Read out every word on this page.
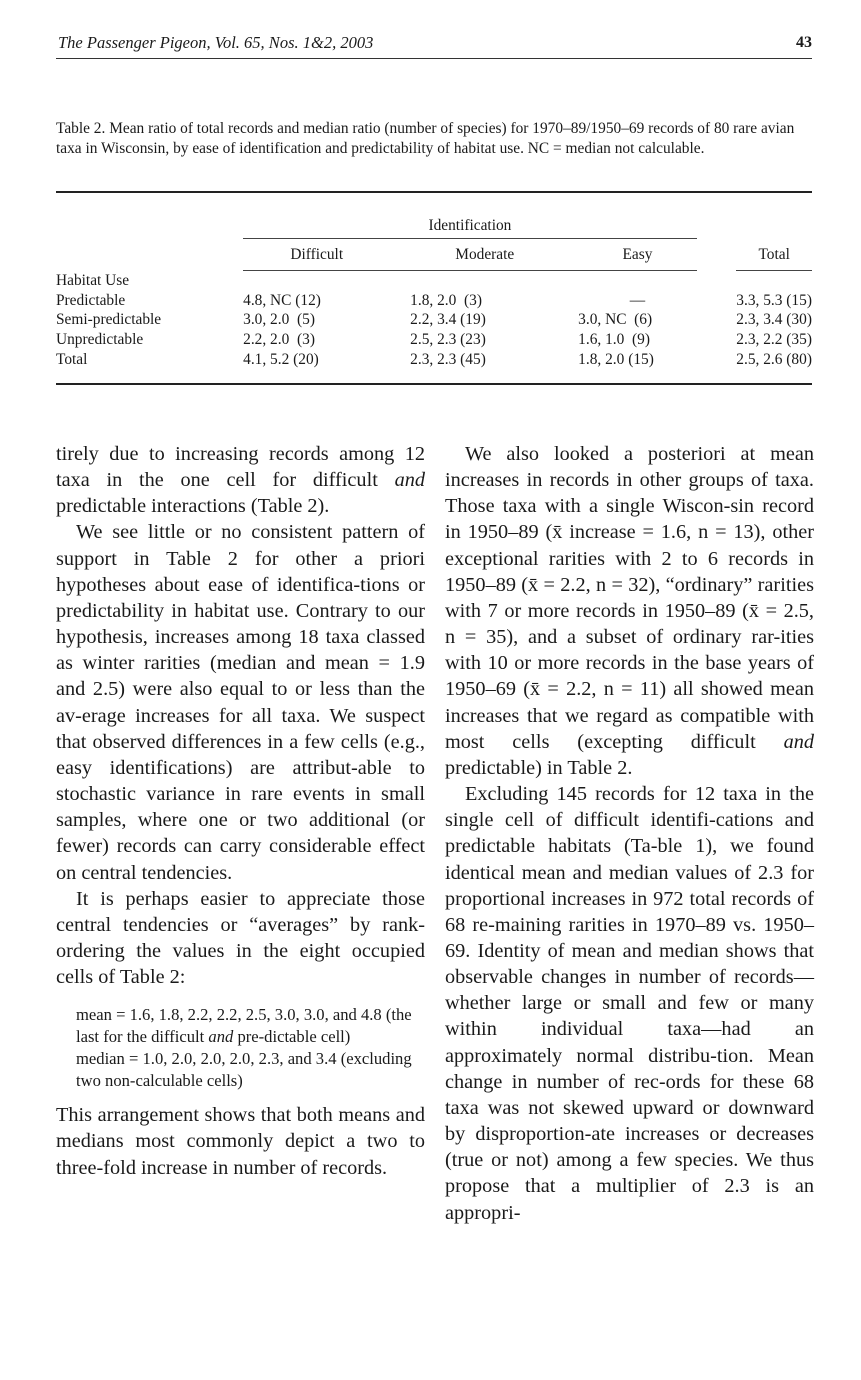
The Passenger Pigeon, Vol. 65, Nos. 1&2, 2003	43
Table 2. Mean ratio of total records and median ratio (number of species) for 1970–89/1950–69 records of 80 rare avian taxa in Wisconsin, by ease of identification and predictability of habitat use. NC = median not calculable.
	Identification						
	Difficult		Moderate		Easy		Total
Habitat Use							
Predictable	4.8, NC (12)		1.8, 2.0  (3)		—		3.3, 5.3 (15)
Semi-predictable	3.0, 2.0  (5)		2.2, 3.4 (19)		3.0, NC  (6)		2.3, 3.4 (30)
Unpredictable	2.2, 2.0  (3)		2.5, 2.3 (23)		1.6, 1.0  (9)		2.3, 2.2 (35)
Total	4.1, 5.2 (20)		2.3, 2.3 (45)		1.8, 2.0 (15)		2.5, 2.6 (80)

tirely due to increasing records among 12 taxa in the one cell for difficult and predictable interactions (Table 2).

We see little or no consistent pattern of support in Table 2 for other a priori hypotheses about ease of identifica-tions or predictability in habitat use. Contrary to our hypothesis, increases among 18 taxa classed as winter rarities (median and mean = 1.9 and 2.5) were also equal to or less than the av-erage increases for all taxa. We suspect that observed differences in a few cells (e.g., easy identifications) are attribut-able to stochastic variance in rare events in small samples, where one or two additional (or fewer) records can carry considerable effect on central tendencies.

It is perhaps easier to appreciate those central tendencies or “averages” by rank-ordering the values in the eight occupied cells of Table 2:

mean = 1.6, 1.8, 2.2, 2.2, 2.5, 3.0, 3.0, and 4.8 (the last for the difficult and pre-dictable cell)

median = 1.0, 2.0, 2.0, 2.0, 2.3, and 3.4 (excluding two non-calculable cells)

This arrangement shows that both means and medians most commonly depict a two to three-fold increase in number of records.

We also looked a posteriori at mean increases in records in other groups of taxa. Those taxa with a single Wiscon-sin record in 1950–89 (x̄ increase = 1.6, n = 13), other exceptional rarities with 2 to 6 records in 1950–89 (x̄ = 2.2, n = 32), “ordinary” rarities with 7 or more records in 1950–89 (x̄ = 2.5, n = 35), and a subset of ordinary rar-ities with 10 or more records in the base years of 1950–69 (x̄ = 2.2, n = 11) all showed mean increases that we regard as compatible with most cells (excepting difficult and predictable) in Table 2.

Excluding 145 records for 12 taxa in the single cell of difficult identifi-cations and predictable habitats (Ta-ble 1), we found identical mean and median values of 2.3 for proportional increases in 972 total records of 68 re-maining rarities in 1970–89 vs. 1950–69. Identity of mean and median shows that observable changes in number of records—whether large or small and few or many within individual taxa—had an approximately normal distribu-tion. Mean change in number of rec-ords for these 68 taxa was not skewed upward or downward by disproportion-ate increases or decreases (true or not) among a few species. We thus propose that a multiplier of 2.3 is an appropri-
